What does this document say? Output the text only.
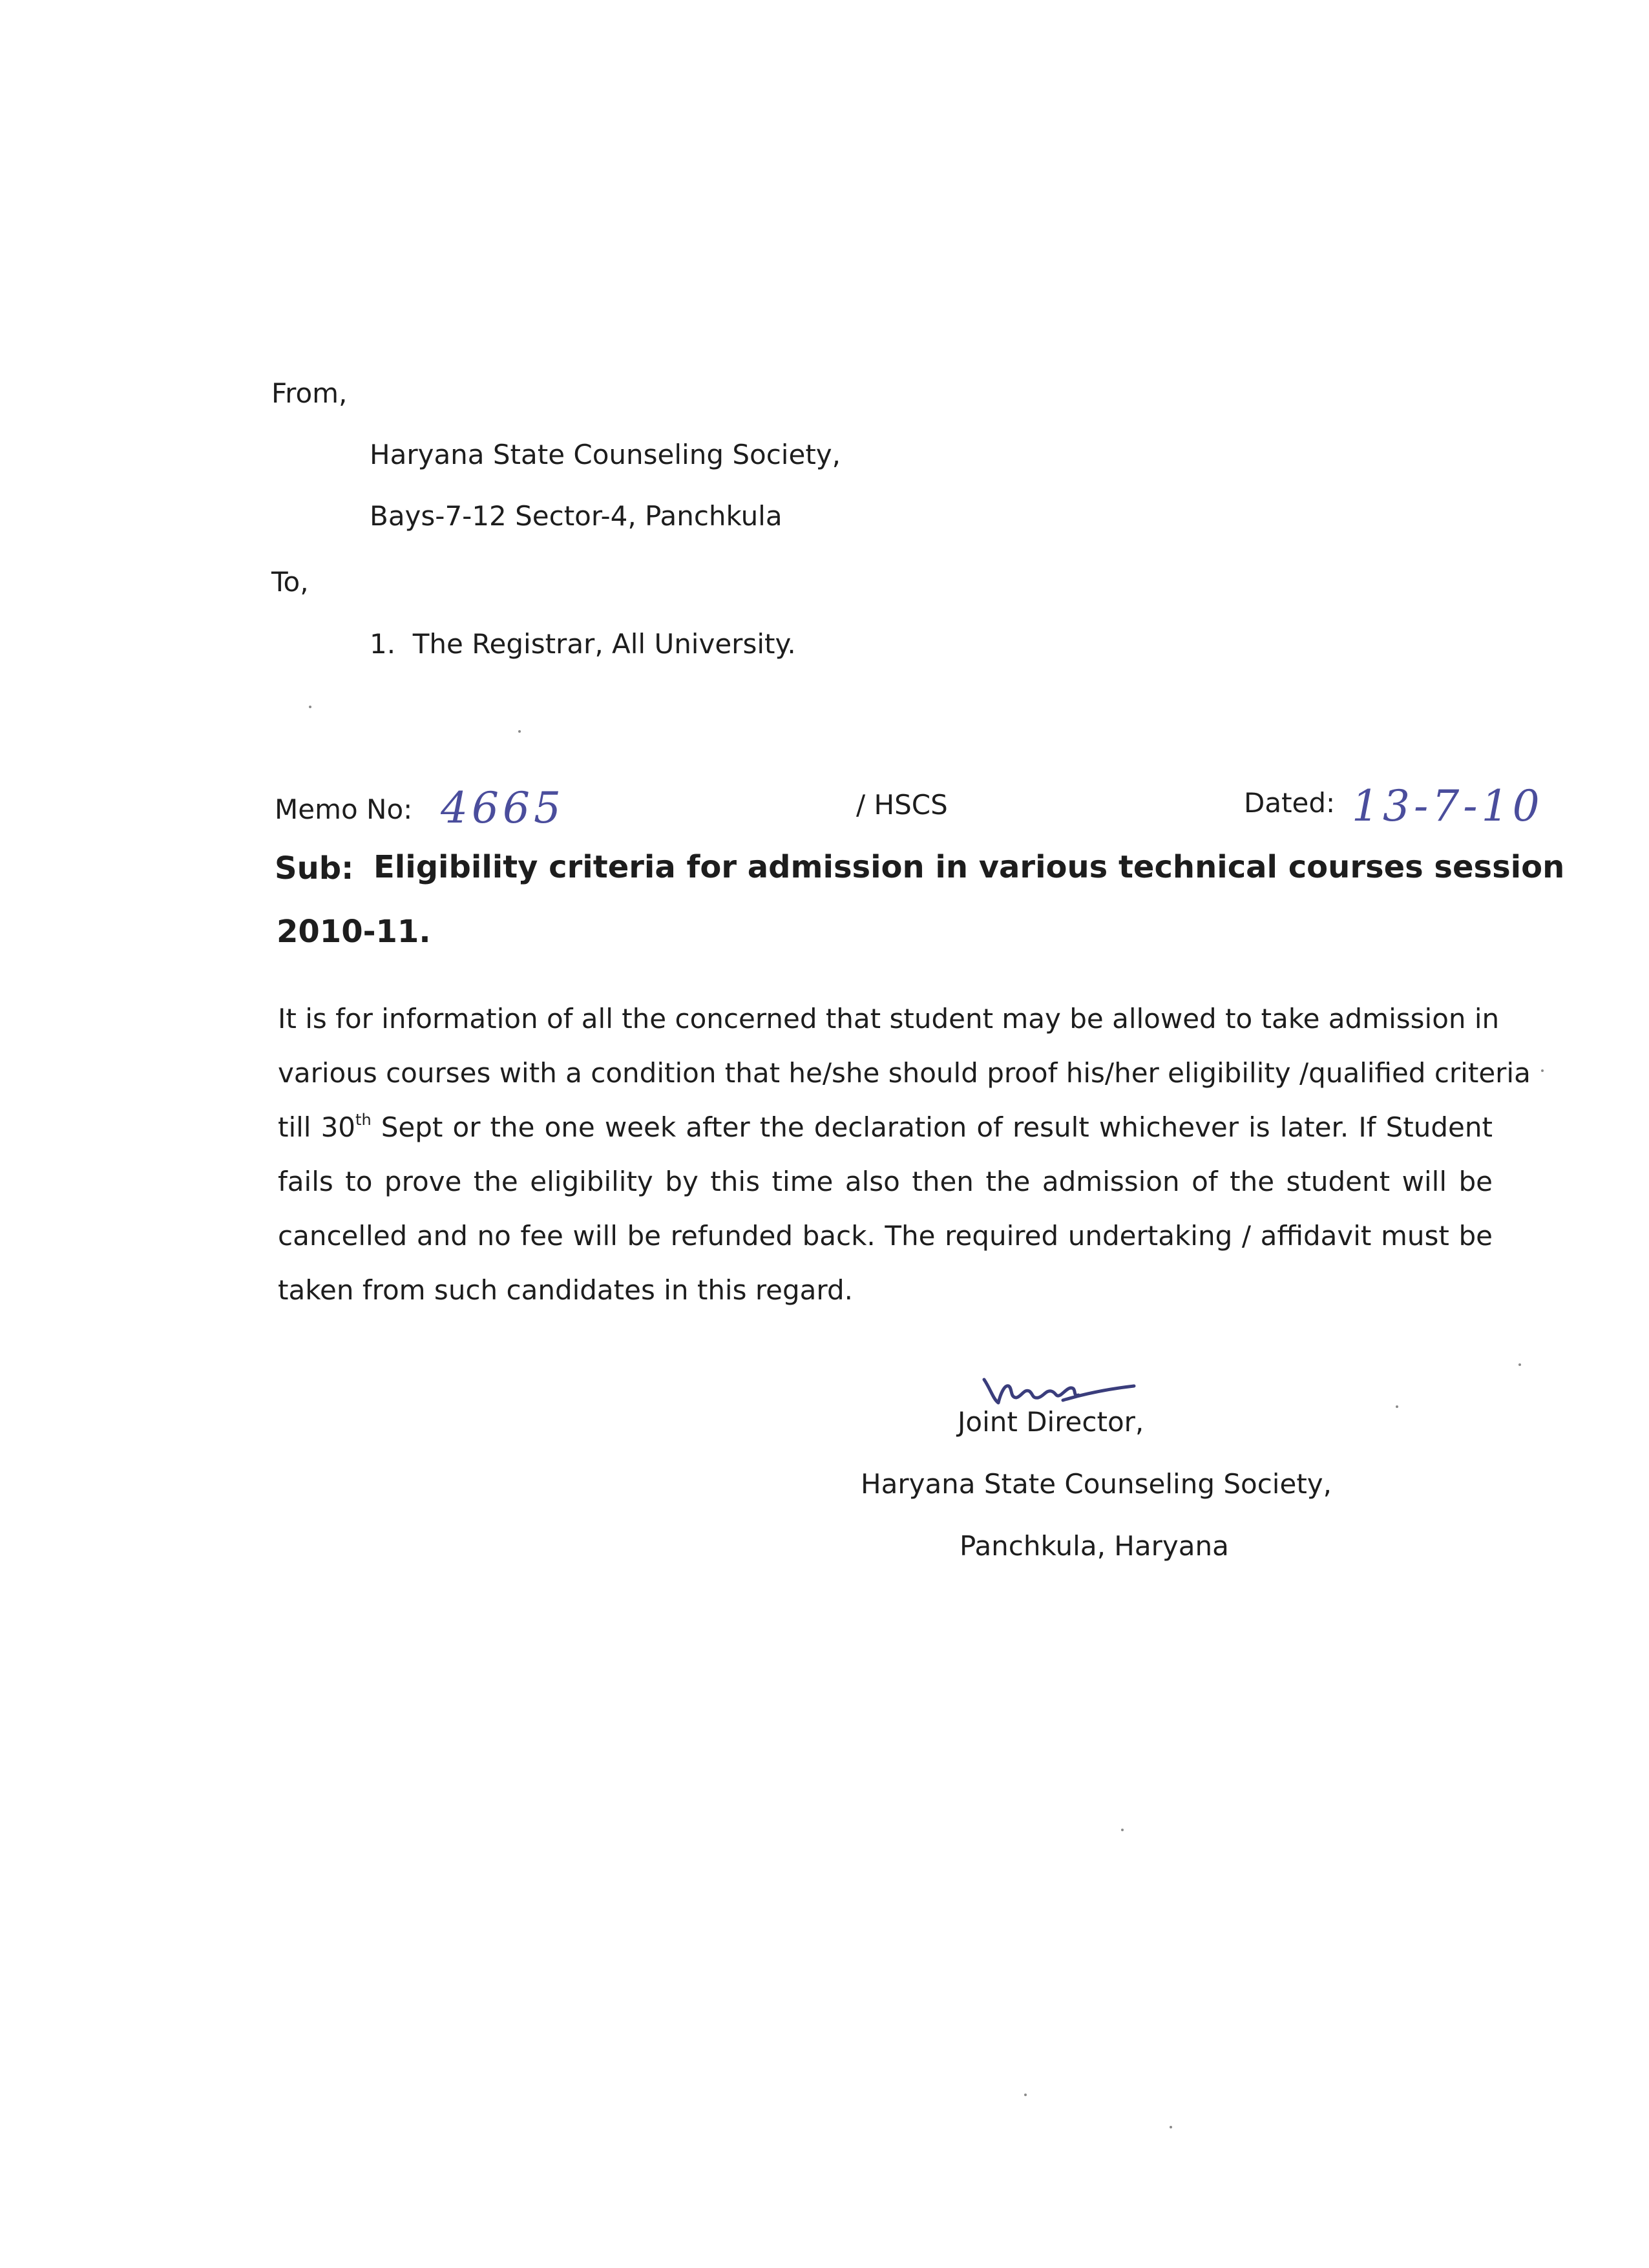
From,
Haryana State Counseling Society,
Bays-7-12 Sector-4, Panchkula
To,
1.  The Registrar, All University.
Memo No: 4665	/ HSCS	Dated: 13-7-10
Sub: Eligibility criteria for admission in various technical courses session
2010-11.
It is for information of all the concerned that student may be allowed to take admission in
various courses with a condition that he/she should proof his/her eligibility /qualified criteria
till 30th Sept or the one week after the declaration of result whichever is later. If Student
fails to prove the eligibility by this time also then the admission of the student will be
cancelled and no fee will be refunded back. The required undertaking / affidavit must be
taken from such candidates in this regard.
Joint Director,
Haryana State Counseling Society,
Panchkula, Haryana
